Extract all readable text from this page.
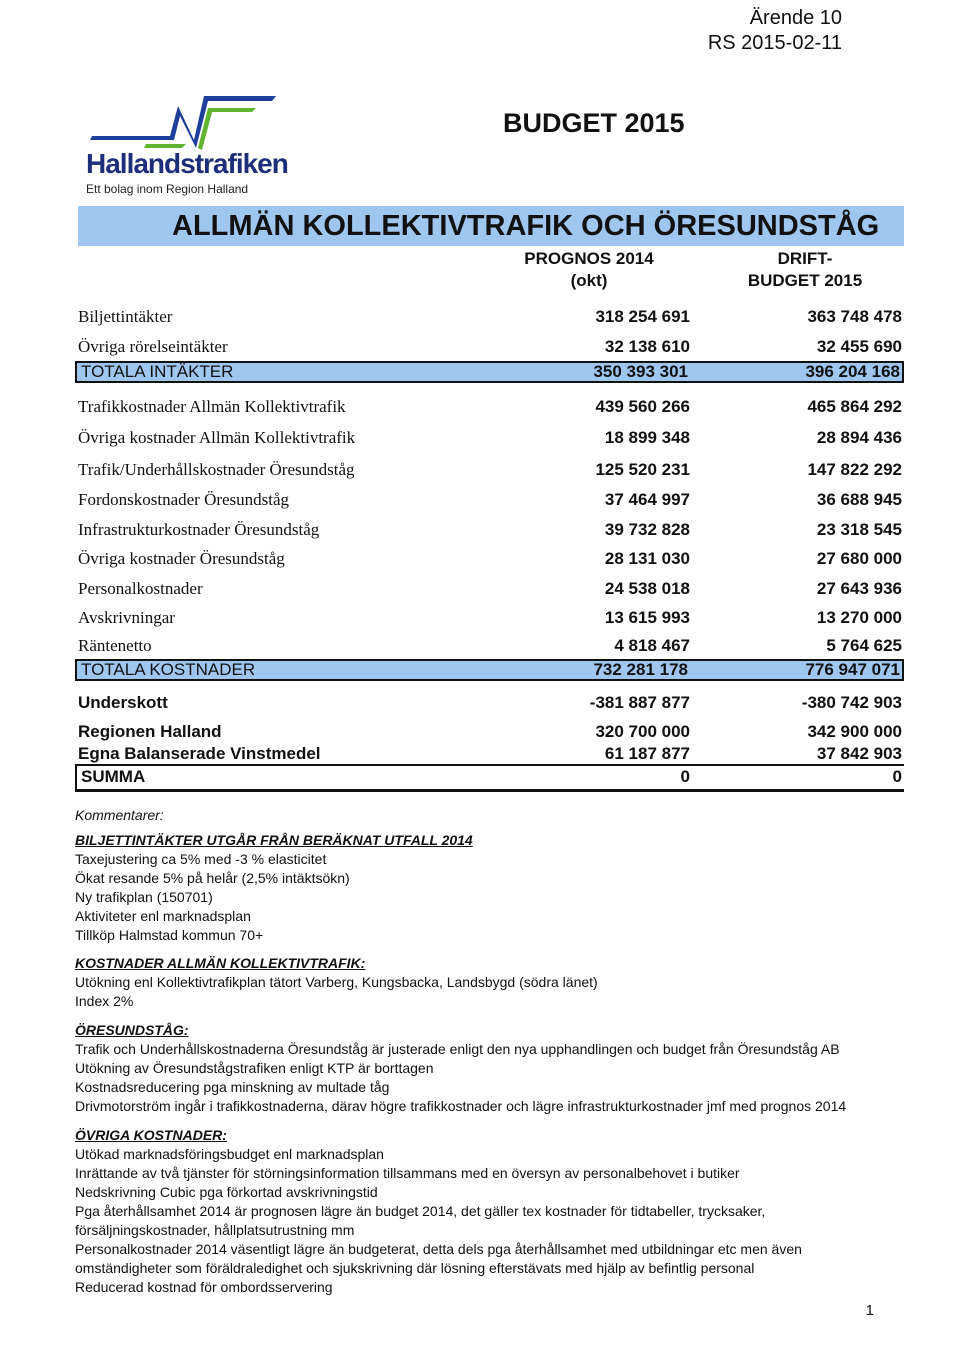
Ärende 10
RS 2015-02-11
Hallandstrafiken
Ett bolag inom Region Halland
BUDGET 2015
ALLMÄN KOLLEKTIVTRAFIK OCH ÖRESUNDSTÅG
PROGNOS 2014
(okt)
DRIFT-
BUDGET 2015
Biljettintäkter	318 254 691	363 748 478
Övriga rörelseintäkter	32 138 610	32 455 690
TOTALA INTÄKTER	350 393 301	396 204 168
Trafikkostnader Allmän Kollektivtrafik	439 560 266	465 864 292
Övriga kostnader Allmän Kollektivtrafik	18 899 348	28 894 436
Trafik/Underhållskostnader Öresundståg	125 520 231	147 822 292
Fordonskostnader Öresundståg	37 464 997	36 688 945
Infrastrukturkostnader Öresundståg	39 732 828	23 318 545
Övriga kostnader Öresundståg	28 131 030	27 680 000
Personalkostnader	24 538 018	27 643 936
Avskrivningar	13 615 993	13 270 000
Räntenetto	4 818 467	5 764 625
TOTALA KOSTNADER	732 281 178	776 947 071
Underskott	-381 887 877	-380 742 903
Regionen Halland	320 700 000	342 900 000
Egna Balanserade Vinstmedel	61 187 877	37 842 903
SUMMA	0	0
Kommentarer:
BILJETTINTÄKTER UTGÅR FRÅN BERÄKNAT UTFALL 2014
Taxejustering ca 5% med -3 % elasticitet
Ökat resande 5% på helår (2,5% intäktsökn)
Ny trafikplan (150701)
Aktiviteter enl marknadsplan
Tillköp Halmstad kommun 70+
KOSTNADER ALLMÄN KOLLEKTIVTRAFIK:
Utökning enl Kollektivtrafikplan tätort Varberg, Kungsbacka, Landsbygd (södra länet)
Index 2%
ÖRESUNDSTÅG:
Trafik och Underhållskostnaderna Öresundståg är justerade enligt den nya upphandlingen och budget från Öresundståg AB
Utökning av Öresundstågstrafiken enligt KTP är borttagen
Kostnadsreducering pga minskning av multade tåg
Drivmotorström ingår i trafikkostnaderna, därav högre trafikkostnader och lägre infrastrukturkostnader jmf med prognos 2014
ÖVRIGA KOSTNADER:
Utökad marknadsföringsbudget enl marknadsplan
Inrättande av två tjänster för störningsinformation tillsammans med en översyn av personalbehovet i butiker
Nedskrivning Cubic pga förkortad avskrivningstid
Pga återhållsamhet 2014 är prognosen lägre än budget 2014, det gäller tex kostnader för tidtabeller, trycksaker,
försäljningskostnader, hållplatsutrustning mm
Personalkostnader 2014 väsentligt lägre än budgeterat, detta dels pga återhållsamhet med utbildningar etc men även
omständigheter som föräldraledighet och sjukskrivning där lösning efterstävats med hjälp av befintlig personal
Reducerad kostnad för ombordsservering
1
